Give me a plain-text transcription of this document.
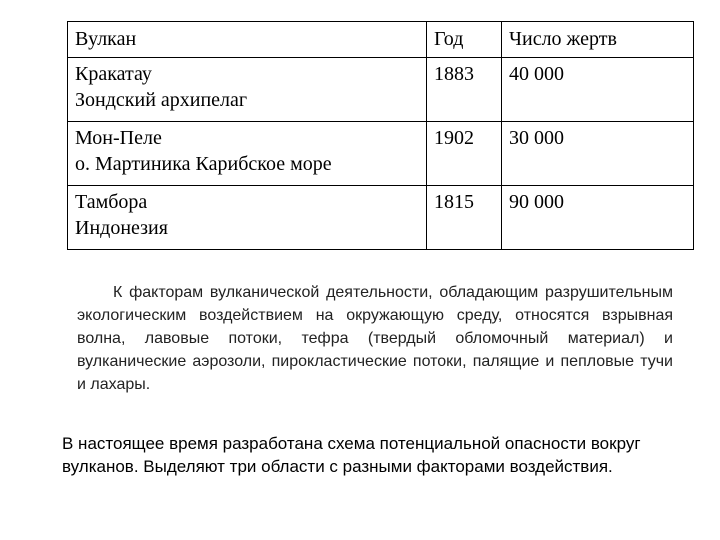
Вулкан	Год	Число жертв
Кракатау
Зондский архипелаг	1883	40 000
Мон-Пеле
о. Мартиника Карибское море	1902	30 000
Тамбора
Индонезия	1815	90 000

К факторам вулканической деятельности, обладающим разрушительным экологическим воздействием на окружающую среду, относятся взрывная волна, лавовые потоки, тефра (твердый обломочный материал) и вулканические аэрозоли, пирокластические потоки, палящие и пепловые тучи и лахары.

В настоящее время разработана схема потенциальной опасности вокруг вулканов. Выделяют три области с разными факторами воздействия.
